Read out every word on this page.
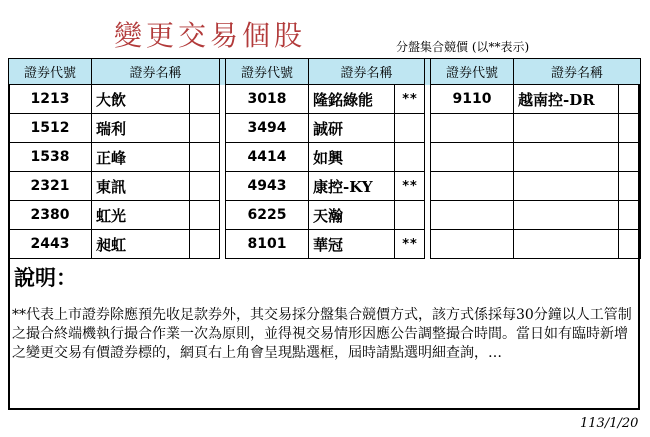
變更交易個股	分盤集合競價 (以**表示)
證券代號	證券名稱			證券代號	證券名稱			證券代號	證券名稱	
1213	大飲			3018	隆銘綠能	**		9110	越南控-DR	
1512	瑞利			3494	誠研					
1538	正峰			4414	如興					
2321	東訊			4943	康控-KY	**				
2380	虹光			6225	天瀚					
2443	昶虹			8101	華冠	**				
說明：
**代表上市證券除應預先收足款券外，其交易採分盤集合競價方式，該方式係採每30分鐘以人工管制之撮合終端機執行撮合作業一次為原則，並得視交易情形因應公告調整撮合時間。當日如有臨時新增之變更交易有價證券標的，網頁右上角會呈現點選框，屆時請點選明細查詢，…
113/1/20
